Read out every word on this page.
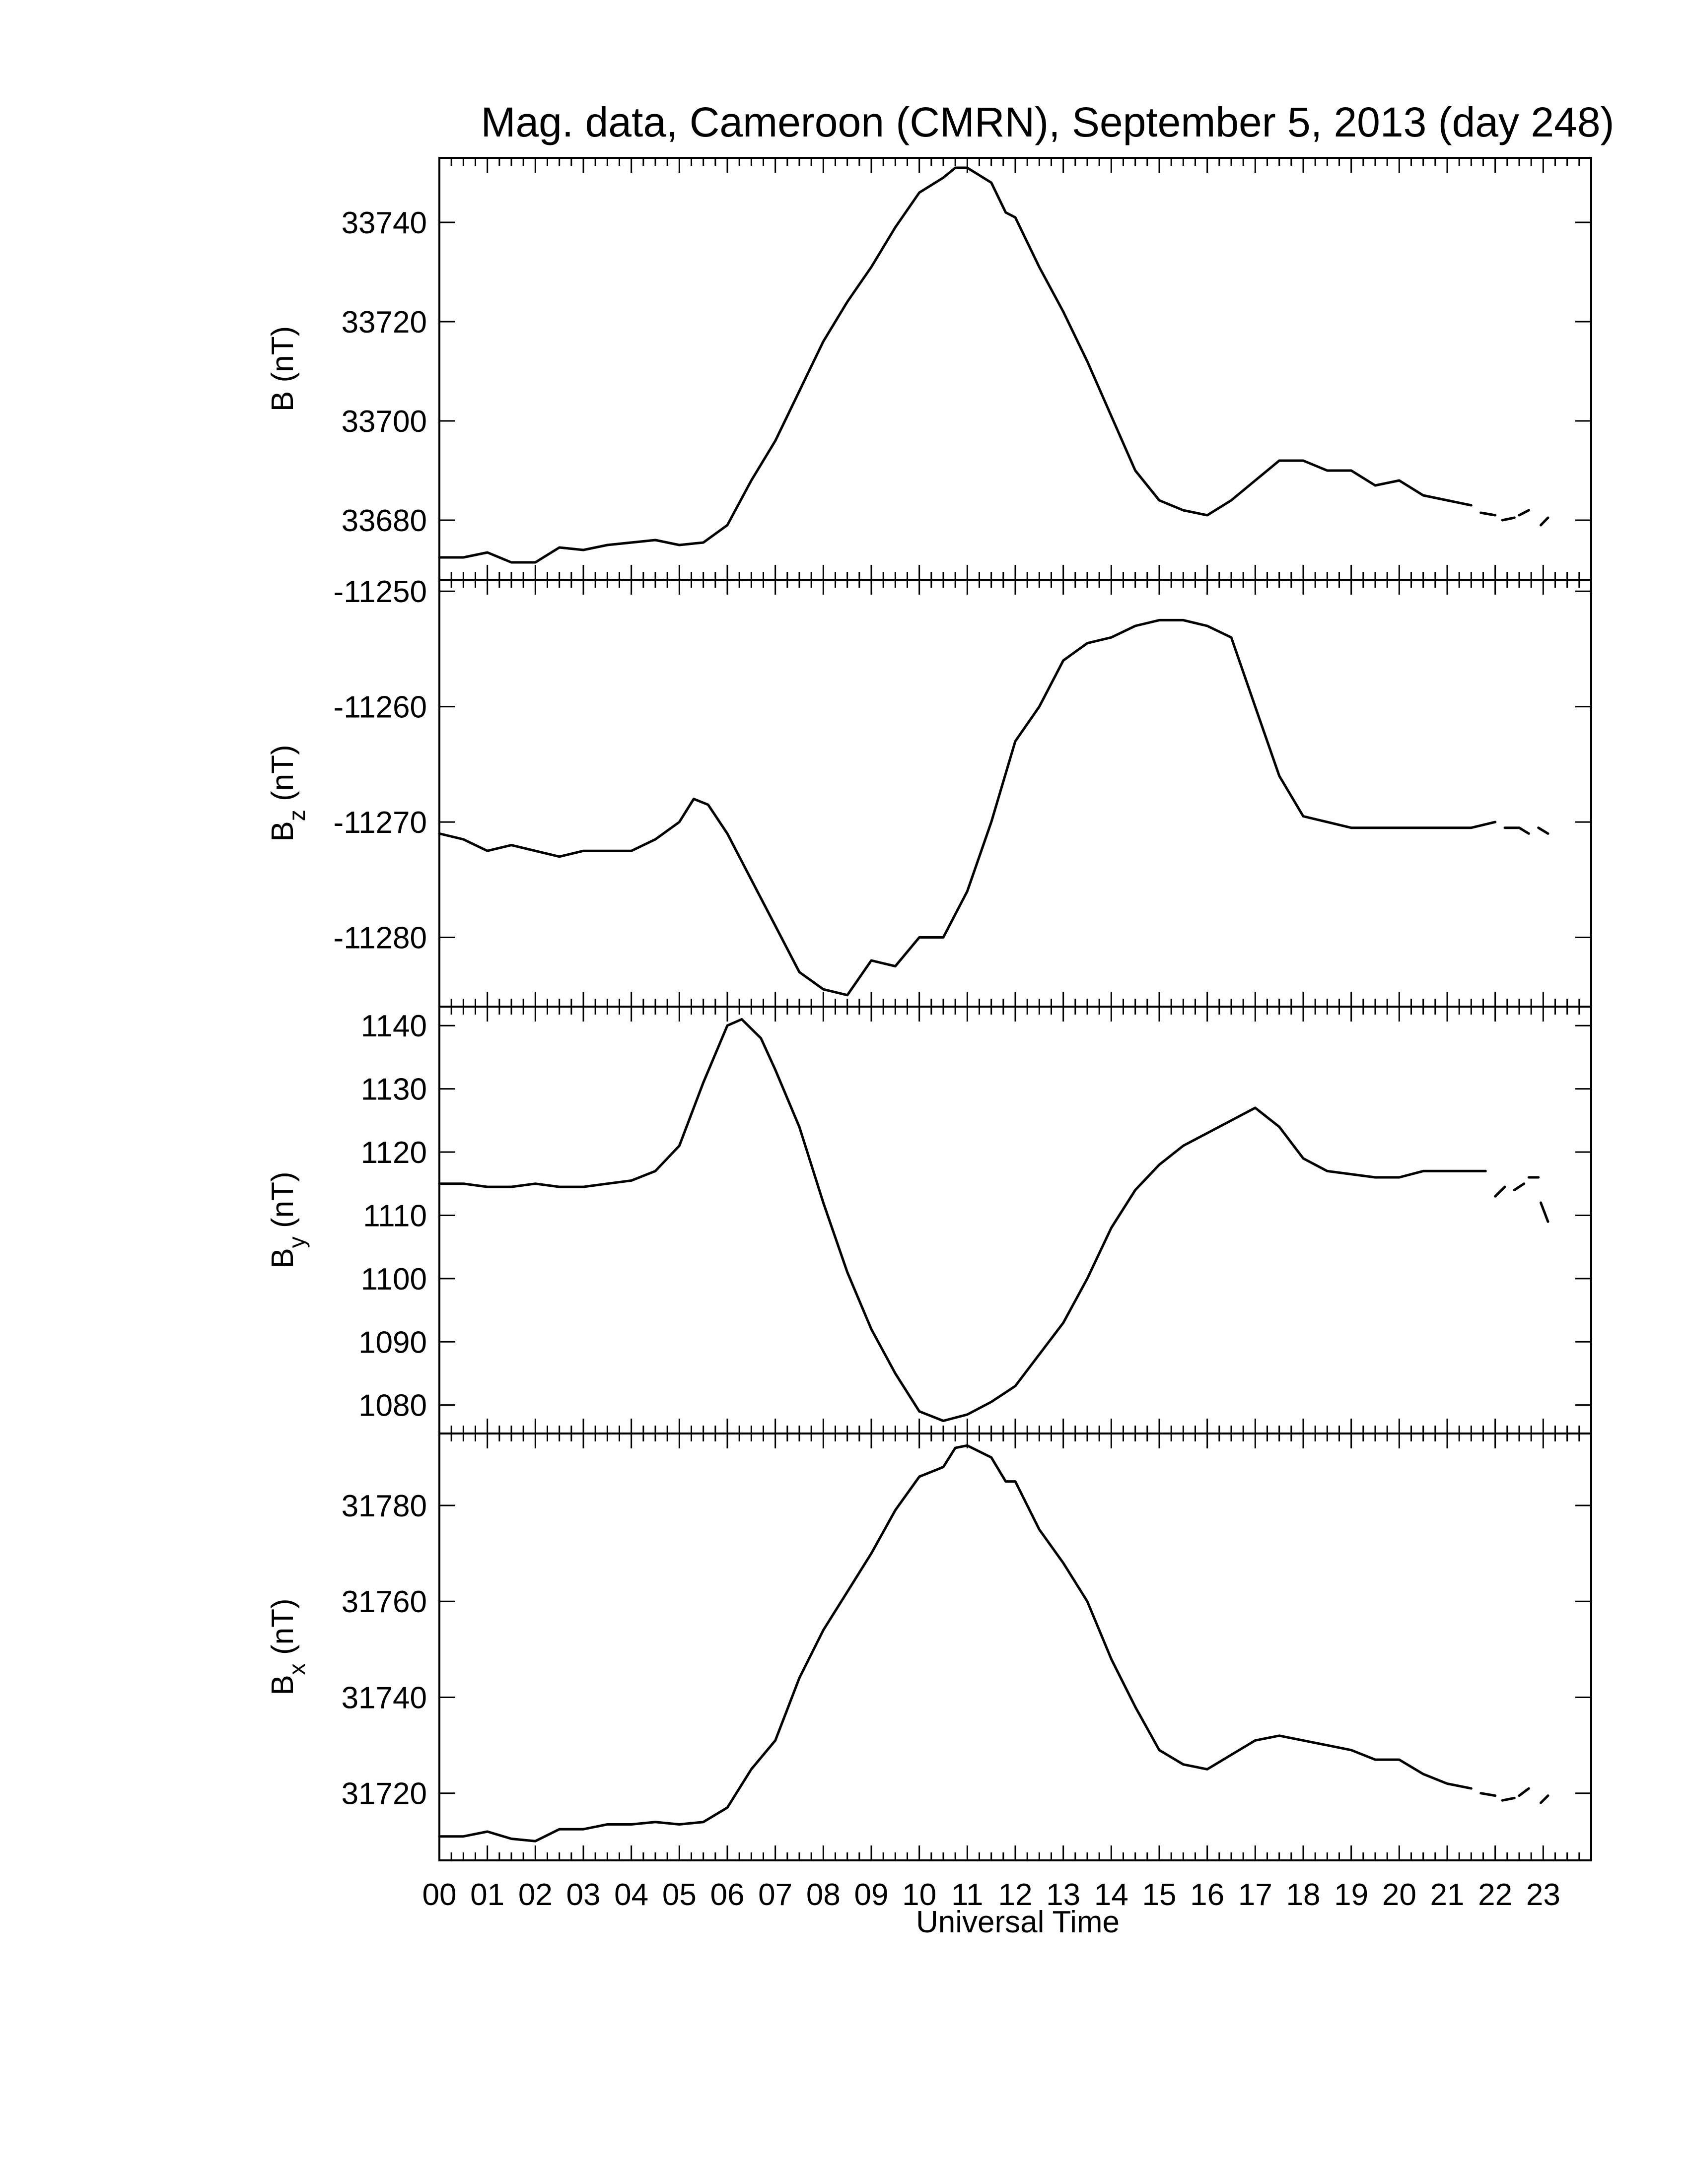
Mag. data, Cameroon (CMRN), September 5, 2013 (day 248)
33680
33700
33720
33740
B (nT)
-11280
-11270
-11260
-11250
$B_z$ (nT)
1080
1090
1100
1110
1120
1130
1140
$B_y$ (nT)
31720
31740
31760
31780
$B_x$ (nT)
00 01 02 03 04 05 06 07 08 09 10 11 12 13 14 15 16 17 18 19 20 21 22 23
Universal Time
